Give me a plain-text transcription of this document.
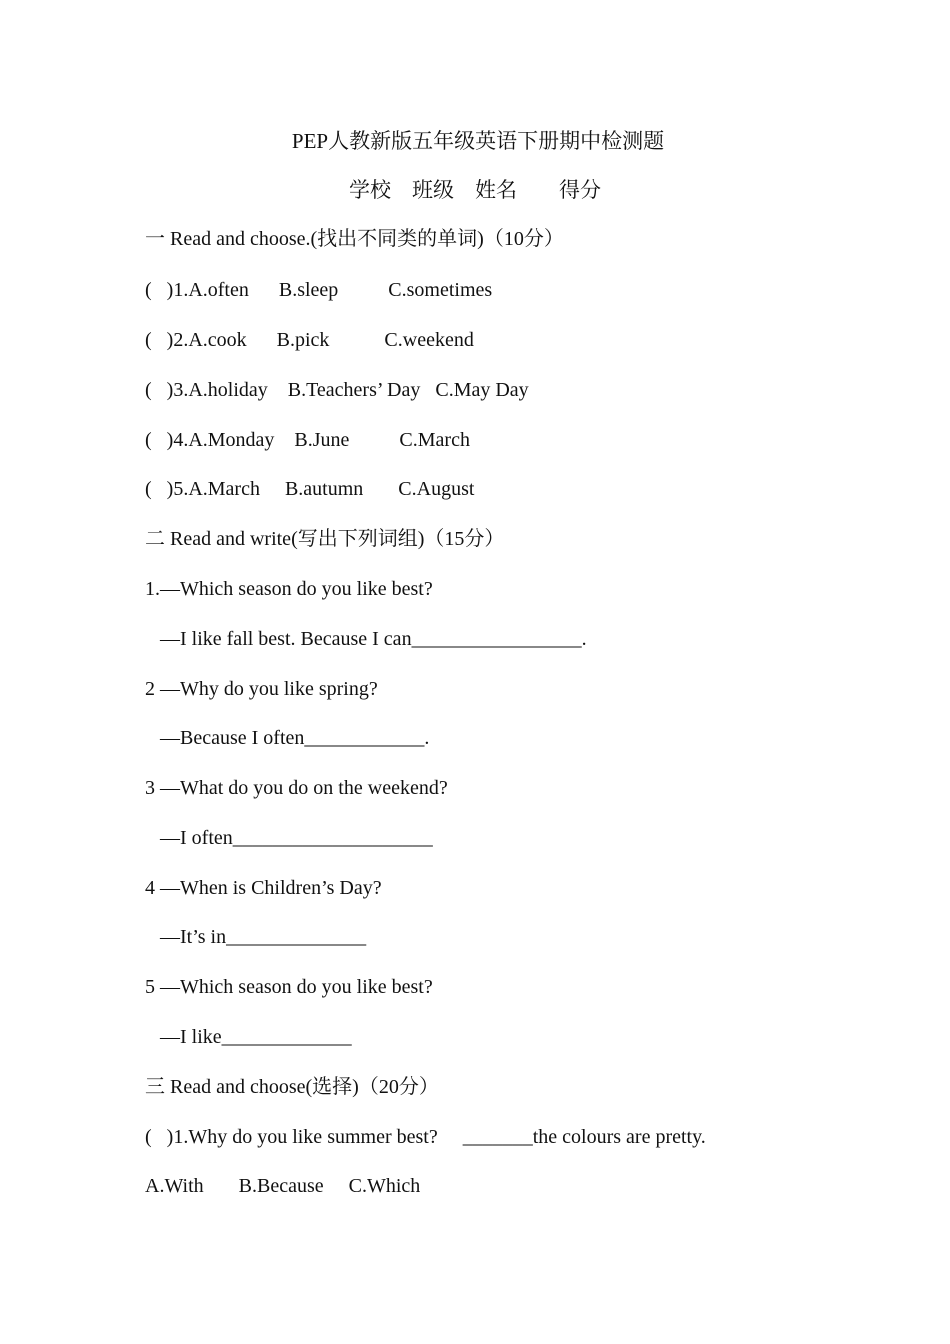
PEP人教新版五年级英语下册期中检测题
学校    班级    姓名        得分
一 Read and choose.(找出不同类的单词)（10分）
(   )1.A.often      B.sleep          C.sometimes
(   )2.A.cook      B.pick           C.weekend
(   )3.A.holiday    B.Teachers’ Day   C.May Day
(   )4.A.Monday    B.June          C.March
(   )5.A.March     B.autumn       C.August
二 Read and write(写出下列词组)（15分）
1.—Which season do you like best?
—I like fall best. Because I can_________________.
2 —Why do you like spring?
—Because I often____________.
3 —What do you do on the weekend?
—I often____________________
4 —When is Children’s Day?
—It’s in______________
5 —Which season do you like best?
—I like_____________
三 Read and choose(选择)（20分）
(   )1.Why do you like summer best?     _______the colours are pretty.
A.With       B.Because     C.Which
